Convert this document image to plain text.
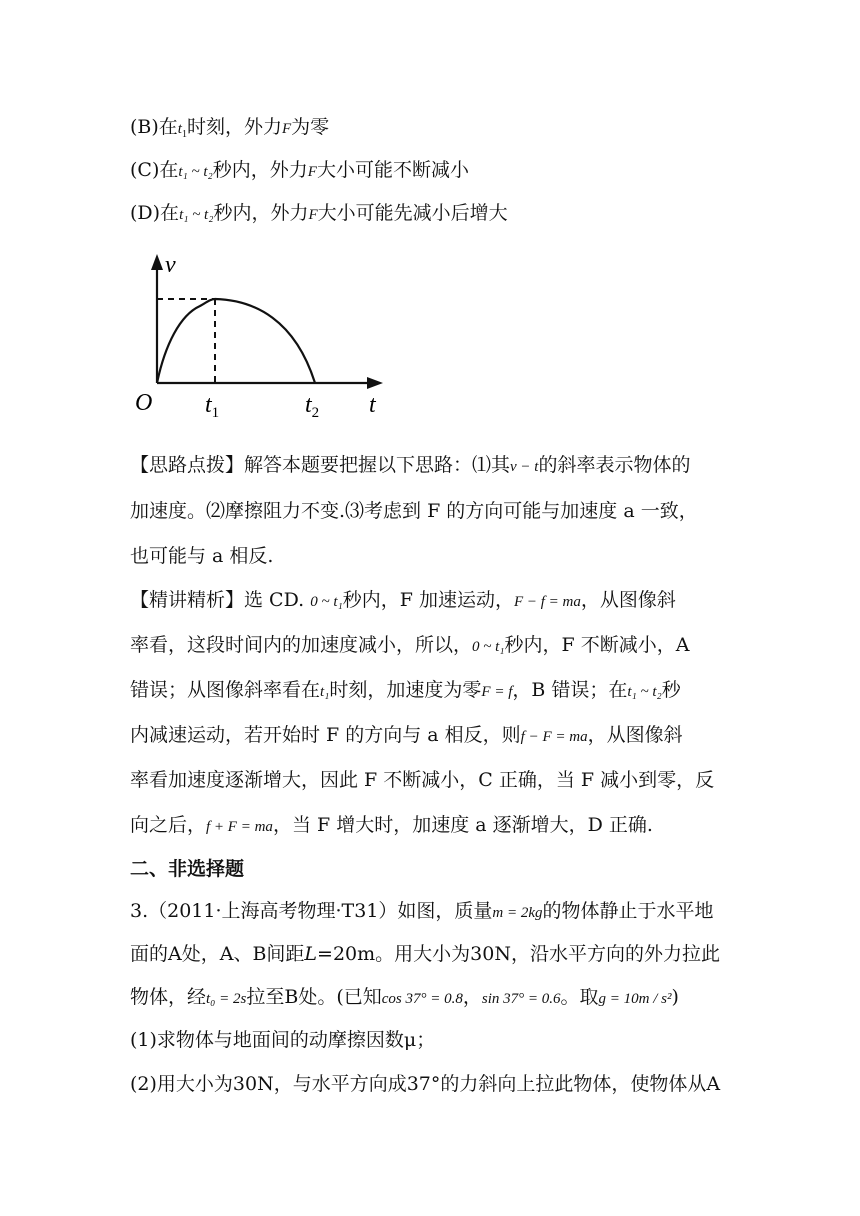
(B)在$t_1$时刻，外力F为零
(C)在t₁ ~ t₂秒内，外力F大小可能不断减小
(D)在t₁ ~ t₂秒内，外力F大小可能先减小后增大
v
O $t_1$	$t_2$ t
【思路点拨】解答本题要把握以下思路：⑴其v − t的斜率表示物体的
加速度。⑵摩擦阻力不变.⑶考虑到 F 的方向可能与加速度 a 一致，
也可能与 a 相反.
【精讲精析】选 CD. 0 ~ t₁秒内，F 加速运动，F − f = ma，从图像斜
率看，这段时间内的加速度减小，所以，0 ~ t₁秒内，F 不断减小，A
错误；从图像斜率看在t₁时刻，加速度为零F = f，B 错误；在t₁ ~ t₂秒
内减速运动，若开始时 F 的方向与 a 相反，则f − F = ma，从图像斜
率看加速度逐渐增大，因此 F 不断减小，C 正确，当 F 减小到零，反
向之后，f + F = ma，当 F 增大时，加速度 a 逐渐增大，D 正确.
二、非选择题
3.（2011·上海高考物理·T31）如图，质量m = 2kg的物体静止于水平地
面的A处，A、B间距L=20m。用大小为30N，沿水平方向的外力拉此
物体，经t₀ = 2s拉至B处。(已知cos 37° = 0.8，sin 37° = 0.6。取g = 10m / s²)
(1)求物体与地面间的动摩擦因数μ；
(2)用大小为30N，与水平方向成37°的力斜向上拉此物体，使物体从A
